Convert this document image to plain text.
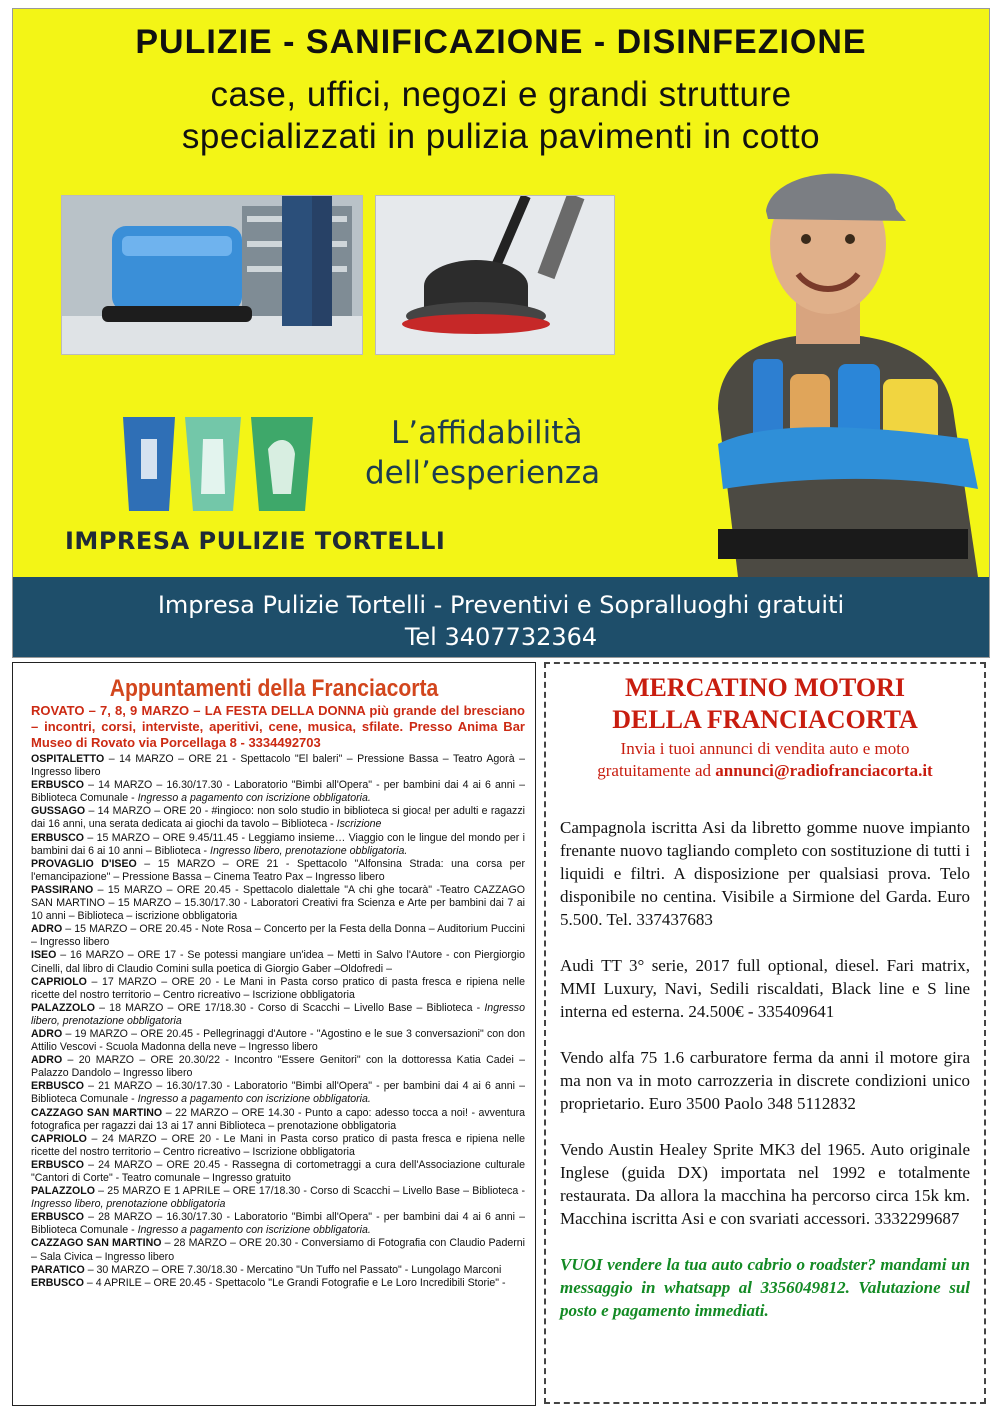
PULIZIE - SANIFICAZIONE - DISINFEZIONE
case, uffici, negozi e grandi strutture
specializzati in pulizia pavimenti in cotto
IMPRESA PULIZIE TORTELLI
L’affidabilità
dell’esperienza
Impresa Pulizie Tortelli - Preventivi e Sopralluoghi gratuiti
Tel 3407732364
Appuntamenti della Franciacorta
ROVATO – 7, 8, 9 MARZO – LA FESTA DELLA DONNA più grande del bresciano – incontri, corsi, interviste, aperitivi, cene, musica, sfilate. Presso Anima Bar Museo di Rovato via Porcellaga 8 - 3334492703
OSPITALETTO – 14 MARZO – ORE 21 - Spettacolo "El baleri" – Pressione Bassa – Teatro Agorà – Ingresso libero
ERBUSCO – 14 MARZO – 16.30/17.30 - Laboratorio "Bimbi all'Opera" - per bambini dai 4 ai 6 anni – Biblioteca Comunale - Ingresso a pagamento con iscrizione obbligatoria.
GUSSAGO – 14 MARZO – ORE 20 - #ingioco: non solo studio in biblioteca si gioca! per adulti e ragazzi dai 16 anni, una serata dedicata ai giochi da tavolo – Biblioteca - Iscrizione
ERBUSCO – 15 MARZO – ORE 9.45/11.45 - Leggiamo insieme… Viaggio con le lingue del mondo per i bambini dai 6 ai 10 anni – Biblioteca - Ingresso libero, prenotazione obbligatoria.
PROVAGLIO D'ISEO – 15 MARZO – ORE 21 - Spettacolo "Alfonsina Strada: una corsa per l'emancipazione" – Pressione Bassa – Cinema Teatro Pax – Ingresso libero
PASSIRANO – 15 MARZO – ORE 20.45 - Spettacolo dialettale "A chi ghe tocarà" -Teatro CAZZAGO SAN MARTINO – 15 MARZO – 15.30/17.30 - Laboratori Creativi fra Scienza e Arte per bambini dai 7 ai 10 anni – Biblioteca – iscrizione obbligatoria
ADRO – 15 MARZO – ORE 20.45 - Note Rosa – Concerto per la Festa della Donna – Auditorium Puccini – Ingresso libero
ISEO – 16 MARZO – ORE 17 - Se potessi mangiare un'idea – Metti in Salvo l'Autore - con Piergiorgio Cinelli, dal libro di Claudio Comini sulla poetica di Giorgio Gaber –Oldofredi –
CAPRIOLO – 17 MARZO – ORE 20 - Le Mani in Pasta corso pratico di pasta fresca e ripiena nelle ricette del nostro territorio – Centro ricreativo – Iscrizione obbligatoria
PALAZZOLO – 18 MARZO – ORE 17/18.30 - Corso di Scacchi – Livello Base – Biblioteca - Ingresso libero, prenotazione obbligatoria
ADRO – 19 MARZO – ORE 20.45 - Pellegrinaggi d'Autore - "Agostino e le sue 3 conversazioni" con don Attilio Vescovi - Scuola Madonna della neve – Ingresso libero
ADRO – 20 MARZO – ORE 20.30/22 - Incontro "Essere Genitori" con la dottoressa Katia Cadei – Palazzo Dandolo – Ingresso libero
ERBUSCO – 21 MARZO – 16.30/17.30 - Laboratorio "Bimbi all'Opera" - per bambini dai 4 ai 6 anni – Biblioteca Comunale - Ingresso a pagamento con iscrizione obbligatoria.
CAZZAGO SAN MARTINO – 22 MARZO – ORE 14.30 - Punto a capo: adesso tocca a noi! - avventura fotografica per ragazzi dai 13 ai 17 anni Biblioteca – prenotazione obbligatoria
CAPRIOLO – 24 MARZO – ORE 20 - Le Mani in Pasta corso pratico di pasta fresca e ripiena nelle ricette del nostro territorio – Centro ricreativo – Iscrizione obbligatoria
ERBUSCO – 24 MARZO – ORE 20.45 - Rassegna di cortometraggi a cura dell'Associazione culturale "Cantori di Corte" - Teatro comunale – Ingresso gratuito
PALAZZOLO – 25 MARZO E 1 APRILE – ORE 17/18.30 - Corso di Scacchi – Livello Base – Biblioteca - Ingresso libero, prenotazione obbligatoria
ERBUSCO – 28 MARZO – 16.30/17.30 - Laboratorio "Bimbi all'Opera" - per bambini dai 4 ai 6 anni – Biblioteca Comunale - Ingresso a pagamento con iscrizione obbligatoria.
CAZZAGO SAN MARTINO – 28 MARZO – ORE 20.30 - Conversiamo di Fotografia con Claudio Paderni – Sala Civica – Ingresso libero
PARATICO – 30 MARZO – ORE 7.30/18.30 - Mercatino "Un Tuffo nel Passato" - Lungolago Marconi
ERBUSCO – 4 APRILE – ORE 20.45 - Spettacolo "Le Grandi Fotografie e Le Loro Incredibili Storie" -
MERCATINO MOTORI
DELLA FRANCIACORTA
Invia i tuoi annunci di vendita auto e moto
gratuitamente ad annunci@radiofranciacorta.it
Campagnola iscritta Asi da libretto gomme nuove impianto frenante nuovo tagliando completo con sostituzione di tutti i liquidi e filtri. A disposizione per qualsiasi prova. Telo disponibile no centina. Visibile a Sirmione del Garda. Euro 5.500. Tel. 337437683
Audi TT 3° serie, 2017 full optional, diesel. Fari matrix, MMI Luxury, Navi, Sedili riscaldati, Black line e S line interna ed esterna. 24.500€ - 335409641
Vendo alfa 75 1.6 carburatore ferma da anni il motore gira ma non va in moto carrozzeria in discrete condizioni unico proprietario. Euro 3500 Paolo 348 5112832
Vendo Austin Healey Sprite MK3 del 1965. Auto originale Inglese (guida DX) importata nel 1992 e totalmente restaurata. Da allora la macchina ha percorso circa 15k km. Macchina iscritta Asi e con svariati accessori. 3332299687
VUOI vendere la tua auto cabrio o roadster? mandami un messaggio in whatsapp al 3356049812. Valutazione sul posto e pagamento immediati.
